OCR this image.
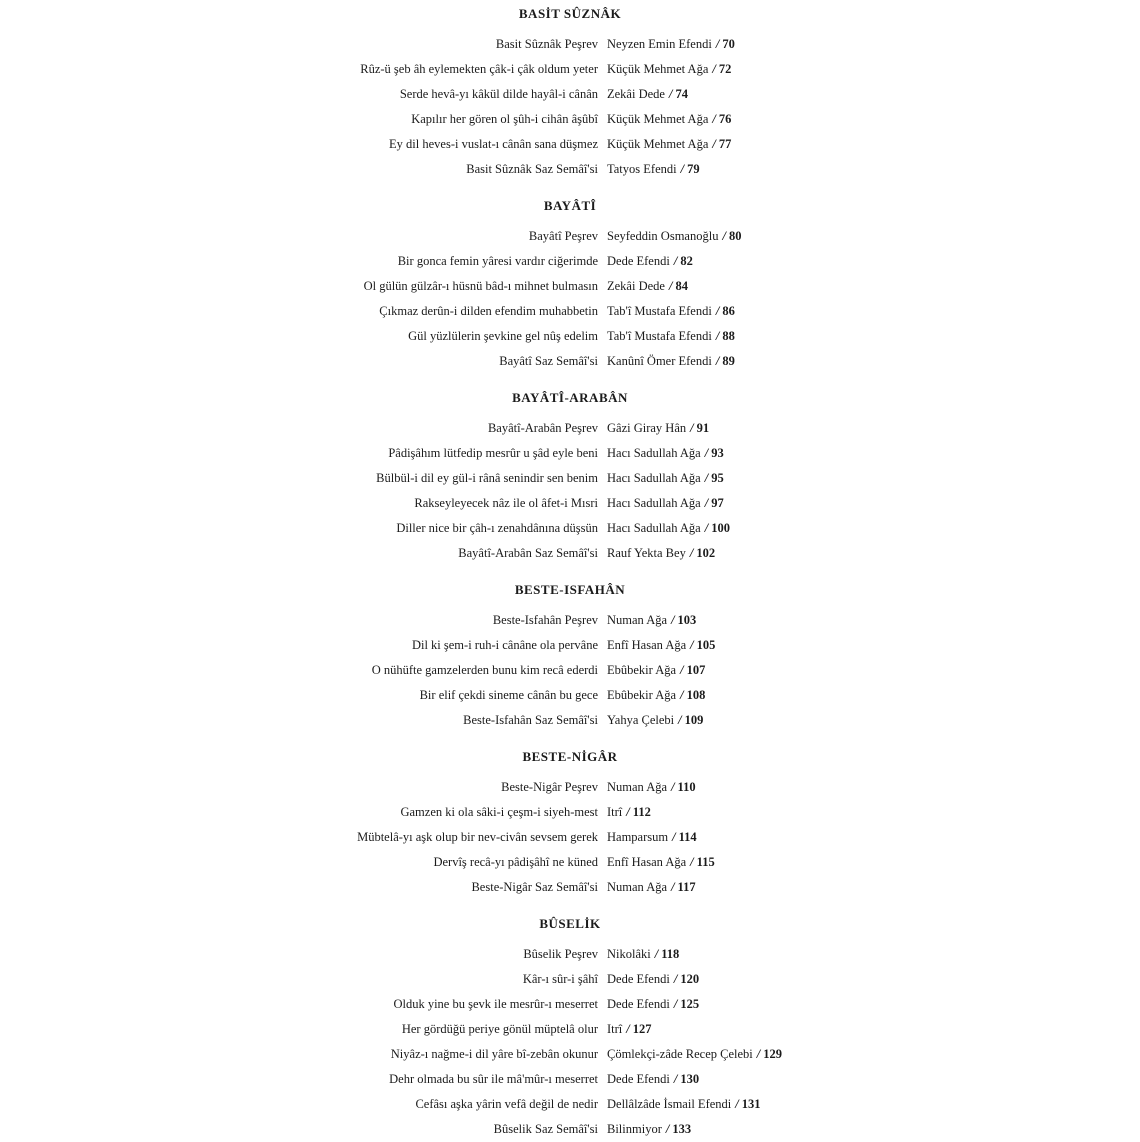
BASİT SÛZNÂK
Basit Sûznâk Peşrev Neyzen Emin Efendi / 70
Rûz-ü şeb âh eylemekten çâk-i çâk oldum yeter Küçük Mehmet Ağa / 72
Serde hevâ-yı kâkül dilde hayâl-i cânân Zekâi Dede / 74
Kapılır her gören ol şûh-i cihân âşûbî Küçük Mehmet Ağa / 76
Ey dil heves-i vuslat-ı cânân sana düşmez Küçük Mehmet Ağa / 77
Basit Sûznâk Saz Semâî'si Tatyos Efendi / 79
BAYÂTÎ
Bayâtî Peşrev Seyfeddin Osmanoğlu / 80
Bir gonca femin yâresi vardır ciğerimde Dede Efendi / 82
Ol gülün gülzâr-ı hüsnü bâd-ı mihnet bulmasın Zekâi Dede / 84
Çıkmaz derûn-i dilden efendim muhabbetin Tab'î Mustafa Efendi / 86
Gül yüzlülerin şevkine gel nûş edelim Tab'î Mustafa Efendi / 88
Bayâtî Saz Semâî'si Kanûnî Ömer Efendi / 89
BAYÂTÎ-ARABÂN
Bayâtî-Arabân Peşrev Gâzi Giray Hân / 91
Pâdişâhım lütfedip mesrûr u şâd eyle beni Hacı Sadullah Ağa / 93
Bülbül-i dil ey gül-i rânâ senindir sen benim Hacı Sadullah Ağa / 95
Rakseyleyecek nâz ile ol âfet-i Mısri Hacı Sadullah Ağa / 97
Diller nice bir çâh-ı zenahdânına düşsün Hacı Sadullah Ağa / 100
Bayâtî-Arabân Saz Semâî'si Rauf Yekta Bey / 102
BESTE-ISFAHÂN
Beste-Isfahân Peşrev Numan Ağa / 103
Dil ki şem-i ruh-i cânâne ola pervâne Enfî Hasan Ağa / 105
O nühüfte gamzelerden bunu kim recâ ederdi Ebûbekir Ağa / 107
Bir elif çekdi sineme cânân bu gece Ebûbekir Ağa / 108
Beste-Isfahân Saz Semâî'si Yahya Çelebi / 109
BESTE-NİGÂR
Beste-Nigâr Peşrev Numan Ağa / 110
Gamzen ki ola sâki-i çeşm-i siyeh-mest Itrî / 112
Mübtelâ-yı aşk olup bir nev-civân sevsem gerek Hamparsum / 114
Dervîş recâ-yı pâdişâhî ne küned Enfî Hasan Ağa / 115
Beste-Nigâr Saz Semâî'si Numan Ağa / 117
BÛSELİK
Bûselik Peşrev Nikolâki / 118
Kâr-ı sûr-i şâhî Dede Efendi / 120
Olduk yine bu şevk ile mesrûr-ı meserret Dede Efendi / 125
Her gördüğü periye gönül müptelâ olur Itrî / 127
Niyâz-ı nağme-i dil yâre bî-zebân okunur Çömlekçi-zâde Recep Çelebi / 129
Dehr olmada bu sûr ile mâ'mûr-ı meserret Dede Efendi / 130
Cefâsı aşka yârin vefâ değil de nedir Dellâlzâde İsmail Efendi / 131
Bûselik Saz Semâî'si Bilinmiyor / 133
